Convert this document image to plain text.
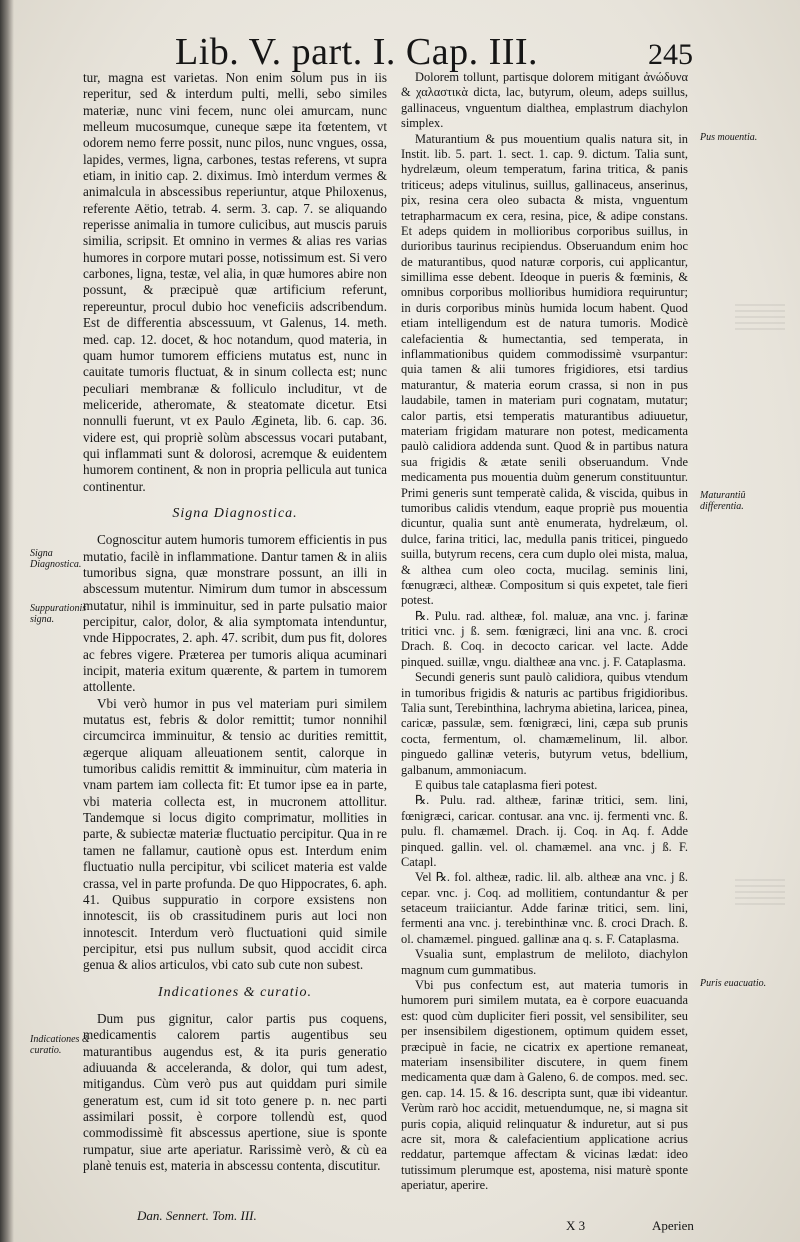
Lib. V. part. I. Cap. III.	245

tur, magna est varietas. Non enim solum pus in iis reperitur, sed & interdum pulti, melli, sebo similes materiæ, nunc vini fecem, nunc olei amurcam, nunc melleum mucosumque, cuneque sæpe ita fœtentem, vt odorem nemo ferre possit, nunc pilos, nunc vngues, ossa, lapides, vermes, ligna, carbones, testas referens, vt supra etiam, in initio cap. 2. diximus. Imò interdum vermes & animalcula in abscessibus reperiuntur, atque Philoxenus, referente Aëtio, tetrab. 4. serm. 3. cap. 7. se aliquando reperisse animalia in tumore culicibus, aut muscis paruis similia, scripsit. Et omnino in vermes & alias res varias humores in corpore mutari posse, notissimum est. Si vero carbones, ligna, testæ, vel alia, in quæ humores abire non possunt, & præcipuè quæ artificium referunt, repereuntur, procul dubio hoc veneficiis adscribendum. Est de differentia abscessuum, vt Galenus, 14. meth. med. cap. 12. docet, & hoc notandum, quod materia, in quam humor tumorem efficiens mutatus est, nunc in cauitate tumoris fluctuat, & in sinum collecta est; nunc peculiari membranæ & folliculo includitur, vt de meliceride, atheromate, & steatomate dicetur. Etsi nonnulli fuerunt, vt ex Paulo Ægineta, lib. 6. cap. 36. videre est, qui propriè solùm abscessus vocari putabant, qui inflammati sunt & dolorosi, acremque & euidentem humorem continent, & non in propria pellicula aut tunica continentur.

Signa Diagnostica.

Cognoscitur autem humoris tumorem efficientis in pus mutatio, facilè in inflammatione. Dantur tamen & in aliis tumoribus signa, quæ monstrare possunt, an illi in abscessum mutentur. Nimirum dum tumor in abscessum mutatur, nihil is imminuitur, sed in parte pulsatio maior percipitur, calor, dolor, & alia symptomata intenduntur, vnde Hippocrates, 2. aph. 47. scribit, dum pus fit, dolores ac febres vigere. Præterea per tumoris aliqua acuminari incipit, materia exitum quærente, & partem in tumorem attollente.

Vbi verò humor in pus vel materiam puri similem mutatus est, febris & dolor remittit; tumor nonnihil circumcirca imminuitur, & tensio ac durities remittit, ægerque aliquam alleuationem sentit, calorque in tumoribus calidis remittit & imminuitur, cùm materia in vnam partem iam collecta fit: Et tumor ipse ea in parte, vbi materia collecta est, in mucronem attollitur. Tandemque si locus digito comprimatur, mollities in parte, & subiectæ materiæ fluctuatio percipitur. Qua in re tamen ne fallamur, cautionè opus est. Interdum enim fluctuatio nulla percipitur, vbi scilicet materia est valde crassa, vel in parte profunda. De quo Hippocrates, 6. aph. 41. Quibus suppuratio in corpore exsistens non innotescit, iis ob crassitudinem puris aut loci non innotescit. Interdum verò fluctuationi quid simile percipitur, etsi pus nullum subsit, quod accidit circa genua & alios articulos, vbi cato sub cute non subest.

Indicationes & curatio.

Dum pus gignitur, calor partis pus coquens, medicamentis calorem partis augentibus seu maturantibus augendus est, & ita puris generatio adiuuanda & acceleranda, & dolor, qui tum adest, mitigandus. Cùm verò pus aut quiddam puri simile generatum est, cum id sit toto genere p. n. nec parti assimilari possit, è corpore tollendù est, quod commodissimè fit abscessus apertione, siue is sponte rumpatur, siue arte aperiatur. Rarissimè verò, & cù ea planè tenuis est, materia in abscessu contenta, discutitur.

Dolorem tollunt, partisque dolorem mitigant ἀνώδυνα & χαλαστικὰ dicta, lac, butyrum, oleum, adeps suillus, gallinaceus, vnguentum dialthea, emplastrum diachylon simplex.

Maturantium & pus mouentium qualis natura sit, in Instit. lib. 5. part. 1. sect. 1. cap. 9. dictum. Talia sunt, hydrelæum, oleum temperatum, farina tritica, & panis triticeus; adeps vitulinus, suillus, gallinaceus, anserinus, pix, resina cera oleo subacta & mista, vnguentum tetrapharmacum ex cera, resina, pice, & adipe constans. Et adeps quidem in mollioribus corporibus suillus, in durioribus taurinus recipiendus. Obseruandum enim hoc de maturantibus, quod naturæ corporis, cui applicantur, simillima esse debent. Ideoque in pueris & fœminis, & omnibus corporibus mollioribus humidiora requiruntur; in duris corporibus minùs humida locum habent. Quod etiam intelligendum est de natura tumoris. Modicè calefacientia & humectantia, sed temperata, in inflammationibus quidem commodissimè vsurpantur: quia tamen & alii tumores frigidiores, etsi tardius maturantur, & materia eorum crassa, si non in pus laudabile, tamen in materiam puri cognatam, mutatur; calor partis, etsi temperatis maturantibus adiuuetur, materiam frigidam maturare non potest, medicamenta paulò calidiora addenda sunt. Quod & in partibus natura sua frigidis & ætate senili obseruandum. Vnde medicamenta pus mouentia duùm generum constituuntur. Primi generis sunt temperatè calida, & viscida, quibus in tumoribus calidis vtendum, eaque propriè pus mouentia dicuntur, qualia sunt antè enumerata, hydrelæum, ol. dulce, farina tritici, lac, medulla panis triticei, pinguedo suilla, butyrum recens, cera cum duplo olei mista, malua, & althea cum oleo cocta, mucilag. seminis lini, fœnugræci, altheæ. Compositum si quis expetet, tale fieri potest.

℞. Pulu. rad. altheæ, fol. maluæ, ana vnc. j. farinæ tritici vnc. j ß. sem. fœnigræci, lini ana vnc. ß. croci Drach. ß. Coq. in decocto caricar. vel lacte. Adde pinqued. suillæ, vngu. dialtheæ ana vnc. j. F. Cataplasma.

Secundi generis sunt paulò calidiora, quibus vtendum in tumoribus frigidis & naturis ac partibus frigidioribus. Talia sunt, Terebinthina, lachryma abietina, laricea, pinea, caricæ, passulæ, sem. fœnigræci, lini, cæpa sub prunis cocta, fermentum, ol. chamæmelinum, lil. albor. pinguedo gallinæ veteris, butyrum vetus, bdellium, galbanum, ammoniacum.

E quibus tale cataplasma fieri potest.

℞. Pulu. rad. altheæ, farinæ tritici, sem. lini, fœnigræci, caricar. contusar. ana vnc. ij. fermenti vnc. ß. pulu. fl. chamæmel. Drach. ij. Coq. in Aq. f. Adde pinqued. gallin. vel. ol. chamæmel. ana vnc. j ß. F. Catapl.

Vel ℞. fol. altheæ, radic. lil. alb. altheæ ana vnc. j ß. cepar. vnc. j. Coq. ad mollitiem, contundantur & per setaceum traiiciantur. Adde farinæ tritici, sem. lini, fermenti ana vnc. j. terebinthinæ vnc. ß. croci Drach. ß. ol. chamæmel. pingued. gallinæ ana q. s. F. Cataplasma.

Vsualia sunt, emplastrum de meliloto, diachylon magnum cum gummatibus.

Vbi pus confectum est, aut materia tumoris in humorem puri similem mutata, ea è corpore euacuanda est: quod cùm dupliciter fieri possit, vel sensibiliter, seu per insensibilem digestionem, optimum quidem esset, præcipuè in facie, ne cicatrix ex apertione remaneat, materiam insensibiliter discutere, in quem finem medicamenta quæ dam à Galeno, 6. de compos. med. sec. gen. cap. 14. 15. & 16. descripta sunt, quæ ibi videantur. Verùm rarò hoc accidit, metuendumque, ne, si magna sit puris copia, aliquid relinquatur & induretur, aut si pus acre sit, mora & calefacientium applicatione acrius reddatur, partemque affectam & vicinas lædat: ideo tutissimum plerumque est, apostema, nisi maturè sponte aperiatur, aperire.

Signa Diagnostica.
Suppurationis signa.
Indicationes & curatio.
Pus mouentia.
Maturantiû differentia.
Puris euacuatio.
Dan. Sennert. Tom. III.
X 3	Aperien
